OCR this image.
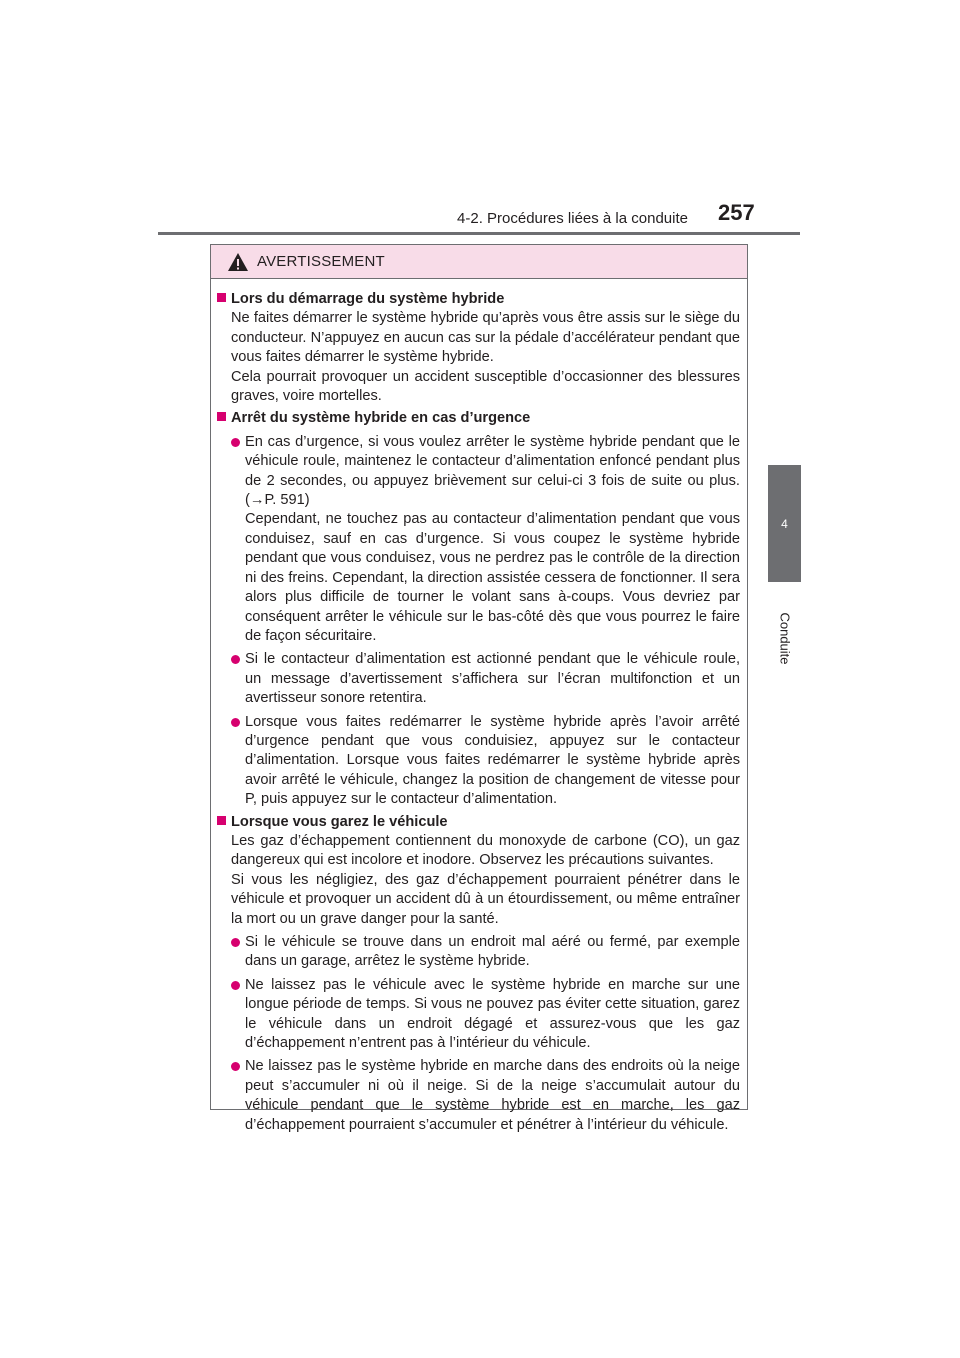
4-2. Procédures liées à la conduite 257
4
Conduite
AVERTISSEMENT
Lors du démarrage du système hybride

Ne faites démarrer le système hybride qu’après vous être assis sur le siège du conducteur. N’appuyez en aucun cas sur la pédale d’accélérateur pendant que vous faites démarrer le système hybride.

Cela pourrait provoquer un accident susceptible d’occasionner des blessures graves, voire mortelles.

Arrêt du système hybride en cas d’urgence

En cas d’urgence, si vous voulez arrêter le système hybride pendant que le véhicule roule, maintenez le contacteur d’alimentation enfoncé pendant plus de 2 secondes, ou appuyez brièvement sur celui-ci 3 fois de suite ou plus. (→P. 591)

Cependant, ne touchez pas au contacteur d’alimentation pendant que vous conduisez, sauf en cas d’urgence. Si vous coupez le système hybride pendant que vous conduisez, vous ne perdrez pas le contrôle de la direction ni des freins. Cependant, la direction assistée cessera de fonctionner. Il sera alors plus difficile de tourner le volant sans à-coups. Vous devriez par conséquent arrêter le véhicule sur le bas-côté dès que vous pourrez le faire de façon sécuritaire.

Si le contacteur d’alimentation est actionné pendant que le véhicule roule, un message d’avertissement s’affichera sur l’écran multifonction et un avertisseur sonore retentira.

Lorsque vous faites redémarrer le système hybride après l’avoir arrêté d’urgence pendant que vous conduisiez, appuyez sur le contacteur d’alimentation. Lorsque vous faites redémarrer le système hybride après avoir arrêté le véhicule, changez la position de changement de vitesse pour P, puis appuyez sur le contacteur d’alimentation.

Lorsque vous garez le véhicule

Les gaz d’échappement contiennent du monoxyde de carbone (CO), un gaz dangereux qui est incolore et inodore. Observez les précautions suivantes.

Si vous les négligiez, des gaz d’échappement pourraient pénétrer dans le véhicule et provoquer un accident dû à un étourdissement, ou même entraîner la mort ou un grave danger pour la santé.

Si le véhicule se trouve dans un endroit mal aéré ou fermé, par exemple dans un garage, arrêtez le système hybride.

Ne laissez pas le véhicule avec le système hybride en marche sur une longue période de temps. Si vous ne pouvez pas éviter cette situation, garez le véhicule dans un endroit dégagé et assurez-vous que les gaz d’échappement n’entrent pas à l’intérieur du véhicule.

Ne laissez pas le système hybride en marche dans des endroits où la neige peut s’accumuler ni où il neige. Si de la neige s’accumulait autour du véhicule pendant que le système hybride est en marche, les gaz d’échappement pourraient s’accumuler et pénétrer à l’intérieur du véhicule.
